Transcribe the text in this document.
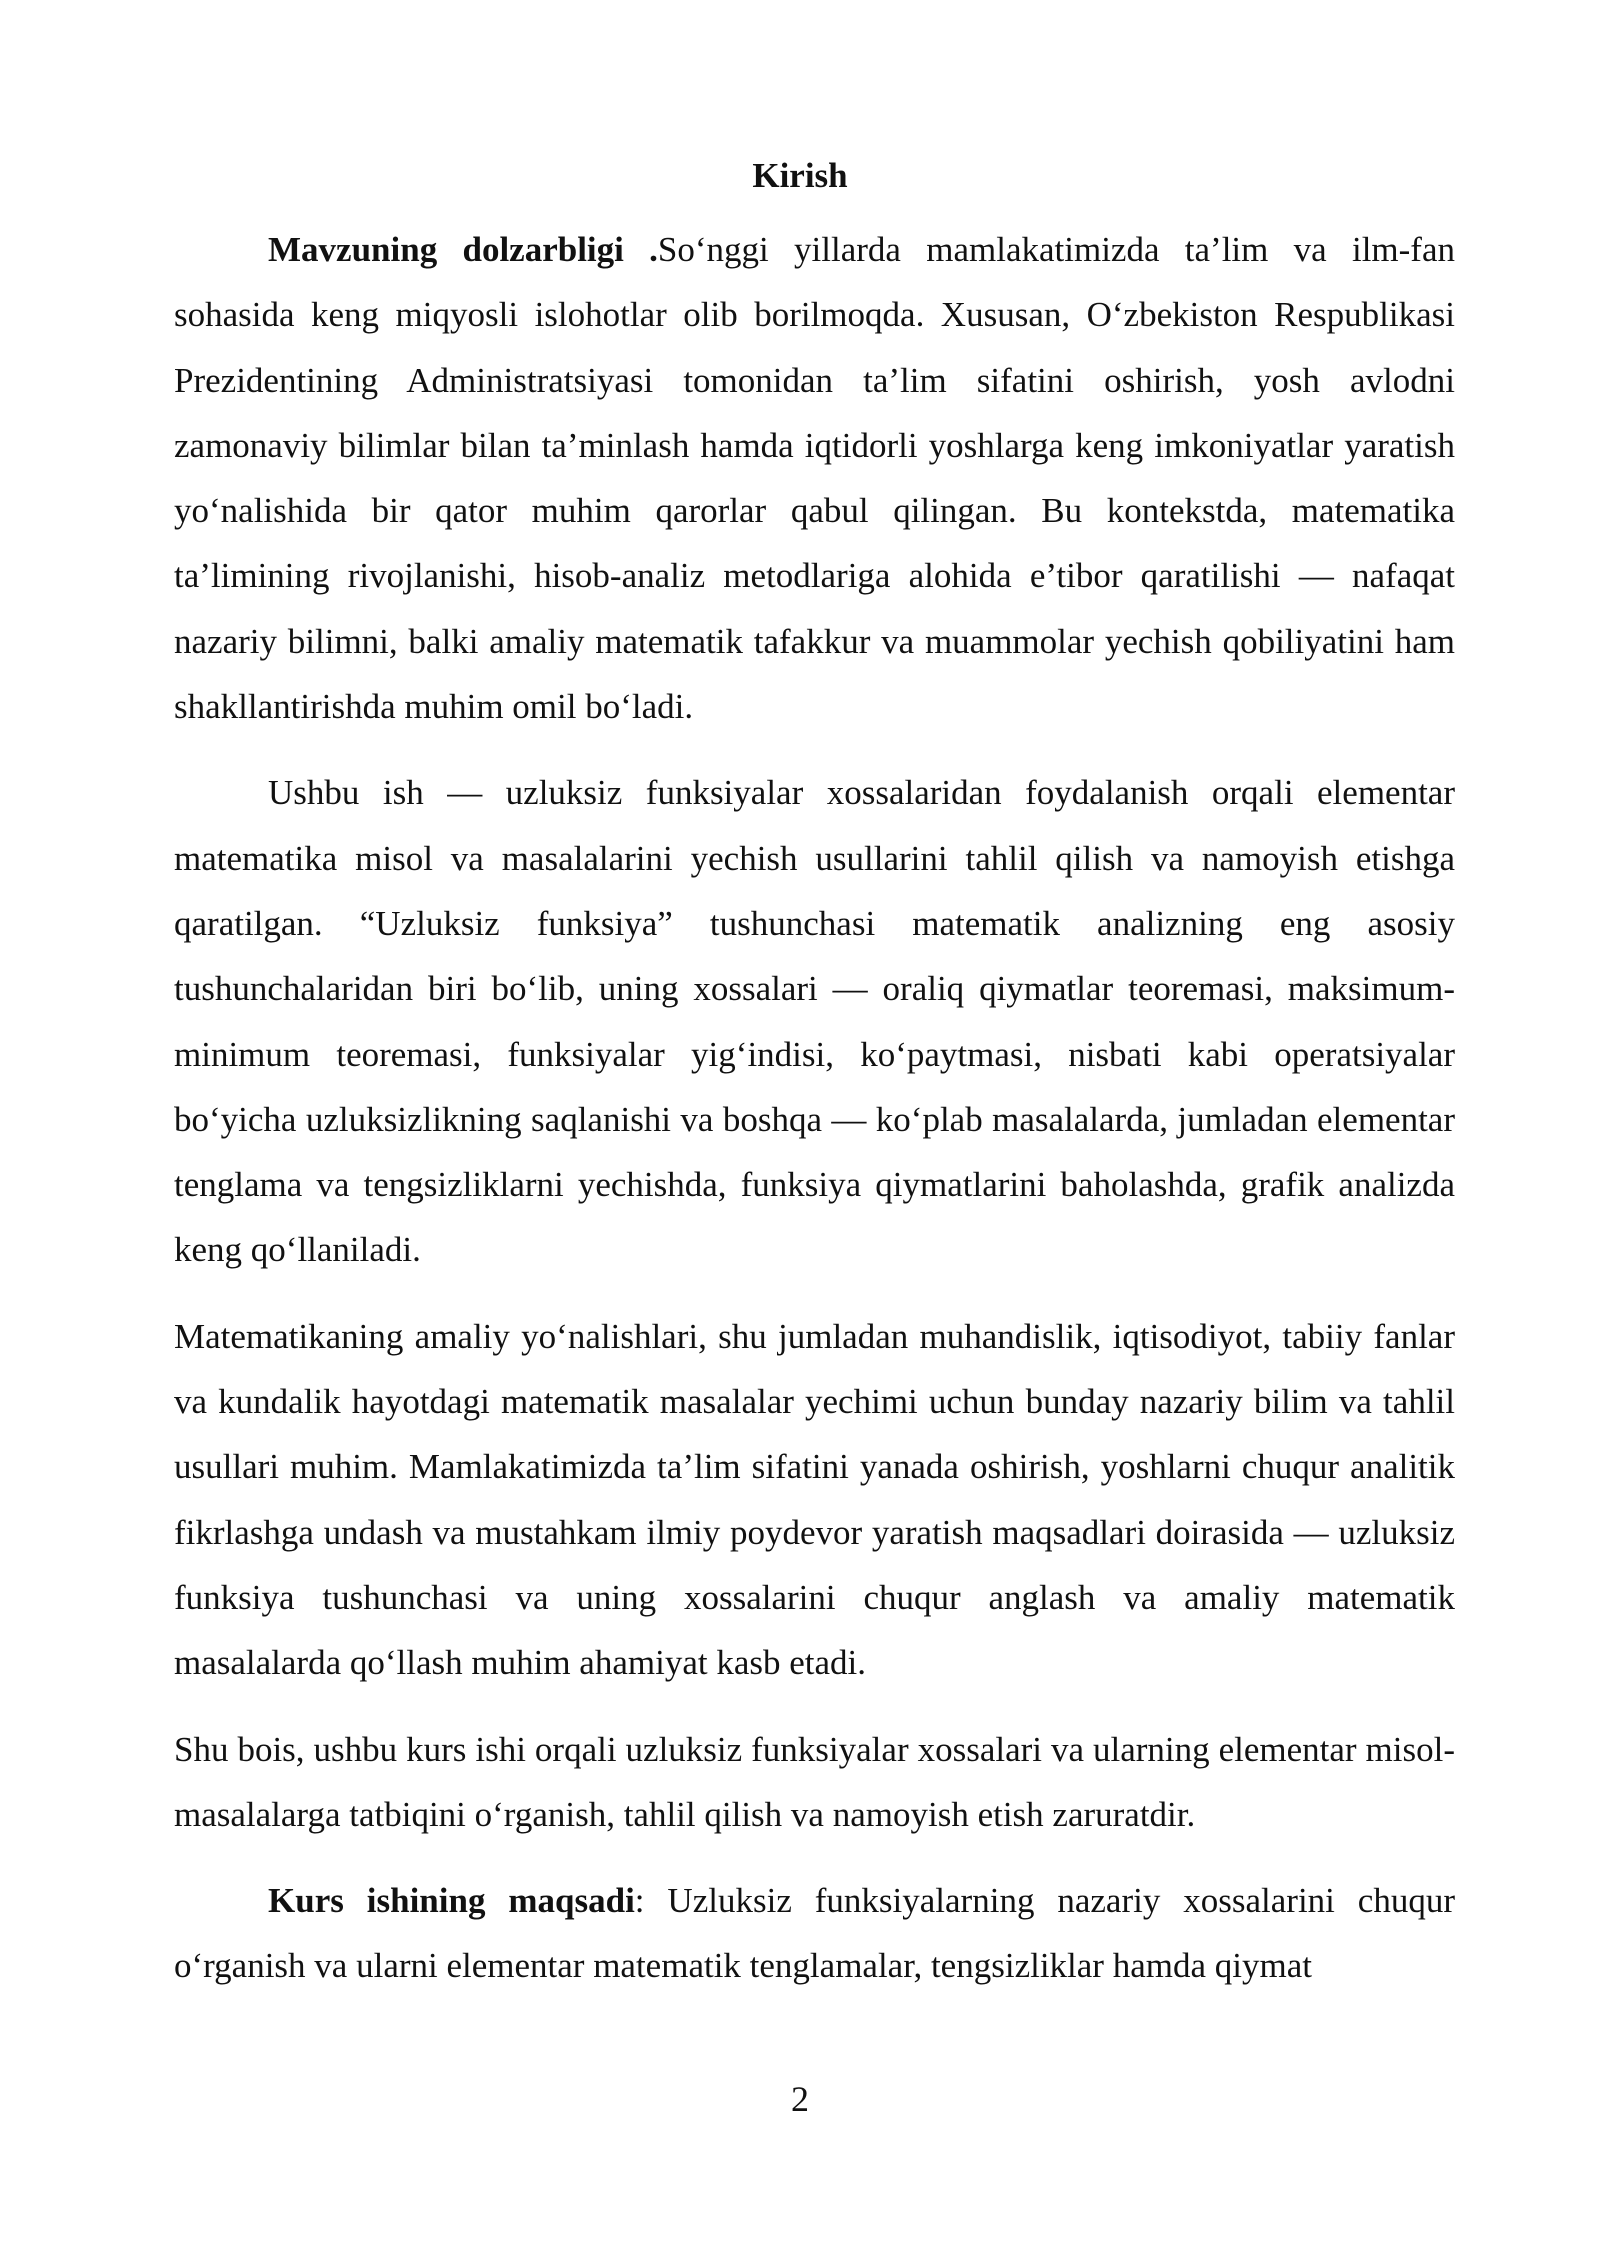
Kirish

Mavzuning dolzarbligi .So‘nggi yillarda mamlakatimizda ta’lim va ilm-fan sohasida keng miqyosli islohotlar olib borilmoqda. Xususan, O‘zbekiston Respublikasi Prezidentining Administratsiyasi tomonidan ta’lim sifatini oshirish, yosh avlodni zamonaviy bilimlar bilan ta’minlash hamda iqtidorli yoshlarga keng imkoniyatlar yaratish yo‘nalishida bir qator muhim qarorlar qabul qilingan. Bu kontekstda, matematika ta’limining rivojlanishi, hisob-analiz metodlariga alohida e’tibor qaratilishi — nafaqat nazariy bilimni, balki amaliy matematik tafakkur va muammolar yechish qobiliyatini ham shakllantirishda muhim omil bo‘ladi.

Ushbu ish — uzluksiz funksiyalar xossalaridan foydalanish orqali elementar matematika misol va masalalarini yechish usullarini tahlil qilish va namoyish etishga qaratilgan. “Uzluksiz funksiya” tushunchasi matematik analizning eng asosiy tushunchalaridan biri bo‘lib, uning xossalari — oraliq qiymatlar teoremasi, maksimum-minimum teoremasi, funksiyalar yig‘indisi, ko‘paytmasi, nisbati kabi operatsiyalar bo‘yicha uzluksizlikning saqlanishi va boshqa — ko‘plab masalalarda, jumladan elementar tenglama va tengsizliklarni yechishda, funksiya qiymatlarini baholashda, grafik analizda keng qo‘llaniladi.

Matematikaning amaliy yo‘nalishlari, shu jumladan muhandislik, iqtisodiyot, tabiiy fanlar va kundalik hayotdagi matematik masalalar yechimi uchun bunday nazariy bilim va tahlil usullari muhim. Mamlakatimizda ta’lim sifatini yanada oshirish, yoshlarni chuqur analitik fikrlashga undash va mustahkam ilmiy poydevor yaratish maqsadlari doirasida — uzluksiz funksiya tushunchasi va uning xossalarini chuqur anglash va amaliy matematik masalalarda qo‘llash muhim ahamiyat kasb etadi.

Shu bois, ushbu kurs ishi orqali uzluksiz funksiyalar xossalari va ularning elementar misol-masalalarga tatbiqini o‘rganish, tahlil qilish va namoyish etish zaruratdir.

Kurs ishining maqsadi: Uzluksiz funksiyalarning nazariy xossalarini chuqur o‘rganish va ularni elementar matematik tenglamalar, tengsizliklar hamda qiymat

2
